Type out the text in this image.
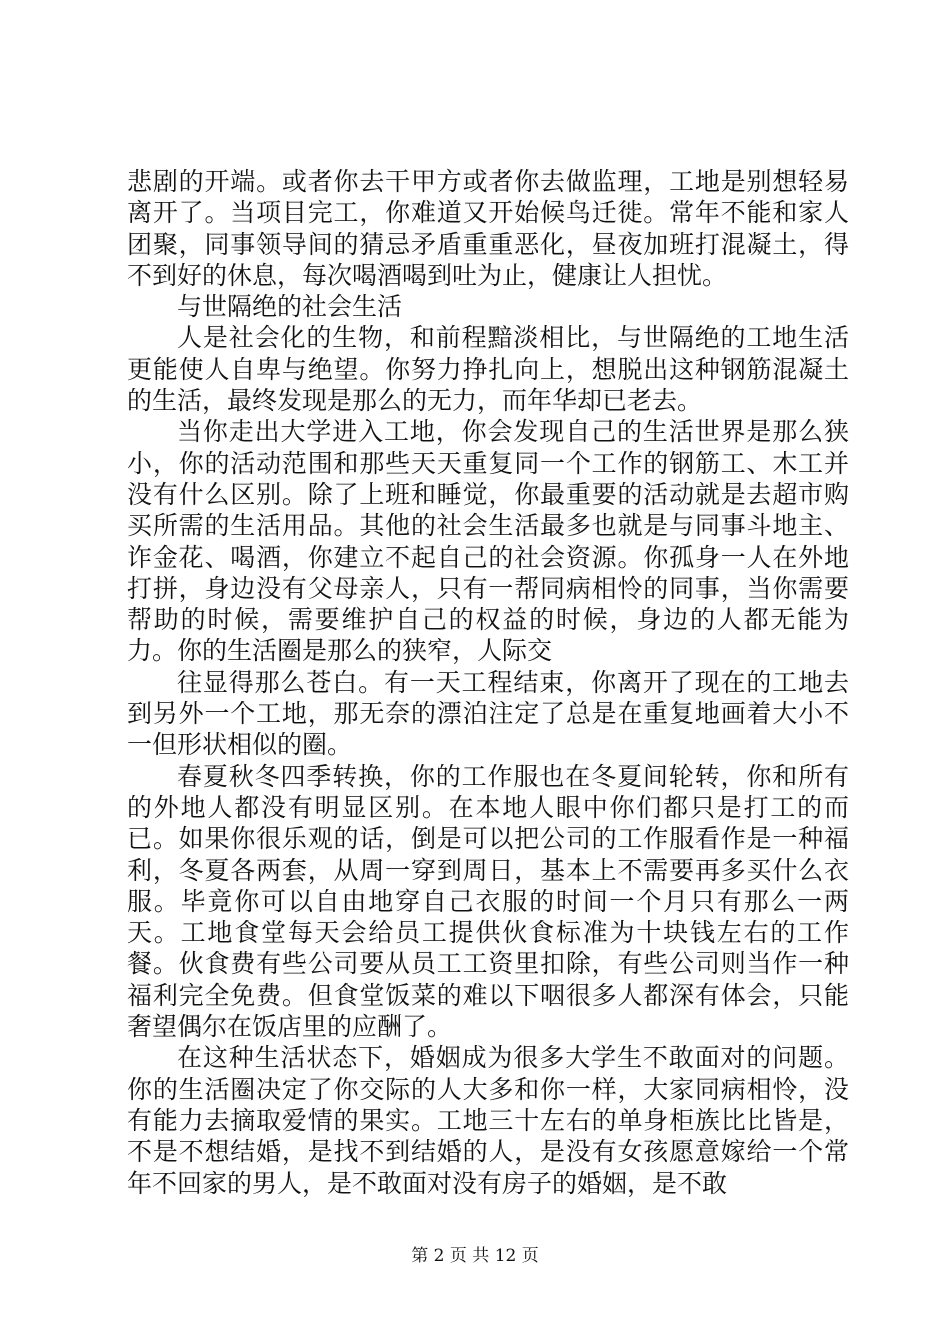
悲剧的开端。或者你去干甲方或者你去做监理，工地是别想轻易离开了。当项目完工，你难道又开始候鸟迁徙。常年不能和家人团聚，同事领导间的猜忌矛盾重重恶化，昼夜加班打混凝土，得不到好的休息，每次喝酒喝到吐为止，健康让人担忧。

与世隔绝的社会生活

人是社会化的生物，和前程黯淡相比，与世隔绝的工地生活更能使人自卑与绝望。你努力挣扎向上，想脱出这种钢筋混凝土的生活，最终发现是那么的无力，而年华却已老去。

当你走出大学进入工地，你会发现自己的生活世界是那么狭小，你的活动范围和那些天天重复同一个工作的钢筋工、木工并没有什么区别。除了上班和睡觉，你最重要的活动就是去超市购买所需的生活用品。其他的社会生活最多也就是与同事斗地主、诈金花、喝酒，你建立不起自己的社会资源。你孤身一人在外地打拼，身边没有父母亲人，只有一帮同病相怜的同事，当你需要帮助的时候，需要维护自己的权益的时候，身边的人都无能为力。你的生活圈是那么的狭窄，人际交

往显得那么苍白。有一天工程结束，你离开了现在的工地去到另外一个工地，那无奈的漂泊注定了总是在重复地画着大小不一但形状相似的圈。

春夏秋冬四季转换，你的工作服也在冬夏间轮转，你和所有的外地人都没有明显区别。在本地人眼中你们都只是打工的而已。如果你很乐观的话，倒是可以把公司的工作服看作是一种福利，冬夏各两套，从周一穿到周日，基本上不需要再多买什么衣服。毕竟你可以自由地穿自己衣服的时间一个月只有那么一两天。工地食堂每天会给员工提供伙食标准为十块钱左右的工作餐。伙食费有些公司要从员工工资里扣除，有些公司则当作一种福利完全免费。但食堂饭菜的难以下咽很多人都深有体会，只能奢望偶尔在饭店里的应酬了。

在这种生活状态下，婚姻成为很多大学生不敢面对的问题。你的生活圈决定了你交际的人大多和你一样，大家同病相怜，没有能力去摘取爱情的果实。工地三十左右的单身柜族比比皆是，不是不想结婚，是找不到结婚的人，是没有女孩愿意嫁给一个常年不回家的男人，是不敢面对没有房子的婚姻，是不敢

第 2 页 共 12 页
